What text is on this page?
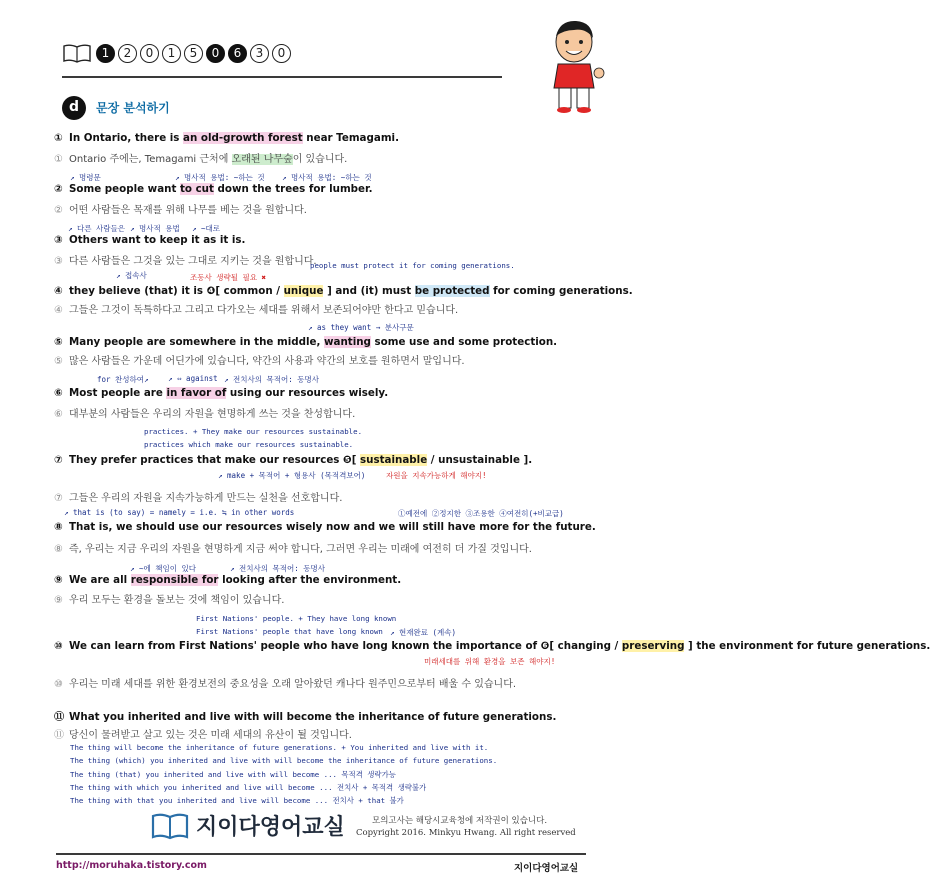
1	2	0	1	5	0	6	3	0
d	문장 분석하기
① In Ontario, there is an old-growth forest near Temagami.
① Ontario 주에는, Temagami 근처에 오래된 나무숲이 있습니다.
② Some people want to cut down the trees for lumber.
② 어떤 사람들은 목재를 위해 나무를 베는 것을 원합니다.
③ Others want to keep it as it is.
③ 다른 사람들은 그것을 있는 그대로 지키는 것을 원합니다.
④ they believe (that) it is ❹[ common / unique ] and (it) must be protected for coming generations.
④ 그들은 그것이 독특하다고 그리고 다가오는 세대를 위해서 보존되어야만 한다고 믿습니다.
⑤ Many people are somewhere in the middle, wanting some use and some protection.
⑤ 많은 사람들은 가운데 어딘가에 있습니다, 약간의 사용과 약간의 보호를 원하면서 말입니다.
⑥ Most people are in favor of using our resources wisely.
⑥ 대부분의 사람들은 우리의 자원을 현명하게 쓰는 것을 찬성합니다.
⑦ They prefer practices that make our resources ❺[ sustainable / unsustainable ].
⑦ 그들은 우리의 자원을 지속가능하게 만드는 실천을 선호합니다.
⑧ That is, we should use our resources wisely now and we will still have more for the future.
⑧ 즉, 우리는 지금 우리의 자원을 현명하게 지금 써야 합니다, 그러면 우리는 미래에 여전히 더 가질 것입니다.
⑨ We are all responsible for looking after the environment.
⑨ 우리 모두는 환경을 돌보는 것에 책임이 있습니다.
⑩ We can learn from First Nations' people who have long known the importance of ❻[ changing / preserving ] the environment for future generations.
⑩ 우리는 미래 세대를 위한 환경보전의 중요성을 오래 알아왔던 캐나다 원주민으로부터 배울 수 있습니다.
⑪ What you inherited and live with will become the inheritance of future generations.
⑪ 당신이 물려받고 살고 있는 것은 미래 세대의 유산이 될 것입니다.
↗ 명령문	↗ 명사적 용법: ~하는 것 ↗ 명사적 용법: ~하는 것
↗ 다른 사람들은 ↗ 명사적 용법 ↗ ~대로
↗ 접속사	조동사 생략될 필요 ✖
people must protect it for coming generations.
↗ as they want → 분사구문
for 찬성하여↗	↗ ⇔ against ↗ 전치사의 목적어: 동명사
practices. + They make our resources sustainable.
practices which make our resources sustainable.
↗ make + 목적어 + 형용사 (목적격보어)	자원을 지속가능하게 해야지!
↗ that is (to say) = namely = i.e. ≒ in other words	①예전에 ②정지한 ③조용한 ④여전히(+비교급)
↗ ~에 책임이 있다	↗ 전치사의 목적어: 동명사
First Nations' people. + They have long known
First Nations' people that have long known ↗ 현재완료 (계속)
미래세대를 위해 환경을 보존 해야지!
The thing will become the inheritance of future generations. + You inherited and live with it.
The thing (which) you inherited and live with will become the inheritance of future generations.
The thing (that) you inherited and live with will become ... 목적격 생략가능
The thing with which you inherited and live will become ... 전치사 + 목적격 생략불가
The thing with that you inherited and live will become ... 전치사 + that 불가
지이다영어교실	모의고사는 해당시교육청에 저작권이 있습니다.
Copyright 2016. Minkyu Hwang. All right reserved
http://moruhaka.tistory.com	지이다영어교실
